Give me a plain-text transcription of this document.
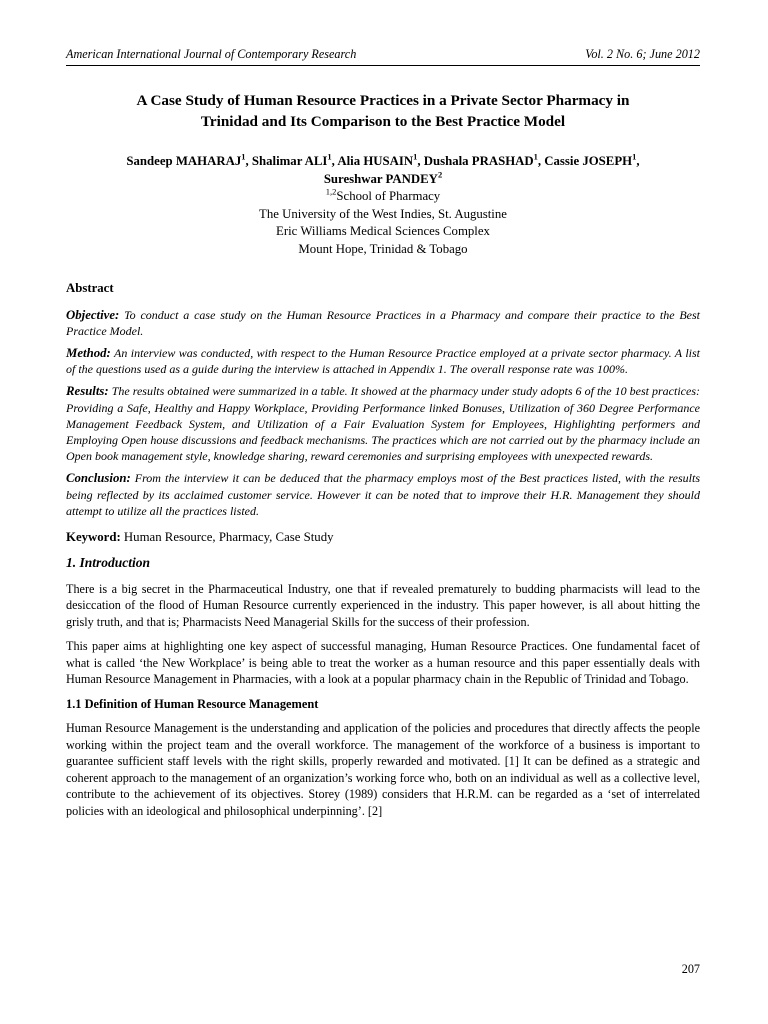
American International Journal of Contemporary Research	Vol. 2 No. 6; June 2012
A Case Study of Human Resource Practices in a Private Sector Pharmacy in
Trinidad and Its Comparison to the Best Practice Model
Sandeep MAHARAJ$^1$, Shalimar ALI$^1$, Alia HUSAIN$^1$, Dushala PRASHAD$^1$, Cassie JOSEPH$^1$,
Sureshwar PANDEY$^2$
$^{1,2}$School of Pharmacy
The University of the West Indies, St. Augustine
Eric Williams Medical Sciences Complex
Mount Hope, Trinidad & Tobago
Abstract

Objective: To conduct a case study on the Human Resource Practices in a Pharmacy and compare their practice to the Best Practice Model.

Method: An interview was conducted, with respect to the Human Resource Practice employed at a private sector pharmacy. A list of the questions used as a guide during the interview is attached in Appendix 1. The overall response rate was 100%.

Results: The results obtained were summarized in a table. It showed at the pharmacy under study adopts 6 of the 10 best practices: Providing a Safe, Healthy and Happy Workplace, Providing Performance linked Bonuses, Utilization of 360 Degree Performance Management Feedback System, and Utilization of a Fair Evaluation System for Employees, Highlighting performers and Employing Open house discussions and feedback mechanisms. The practices which are not carried out by the pharmacy include an Open book management style, knowledge sharing, reward ceremonies and surprising employees with unexpected rewards.

Conclusion: From the interview it can be deduced that the pharmacy employs most of the Best practices listed, with the results being reflected by its acclaimed customer service. However it can be noted that to improve their H.R. Management they should attempt to utilize all the practices listed.

Keyword: Human Resource, Pharmacy, Case Study

1. Introduction

There is a big secret in the Pharmaceutical Industry, one that if revealed prematurely to budding pharmacists will lead to the desiccation of the flood of Human Resource currently experienced in the industry. This paper however, is all about hitting the grisly truth, and that is; Pharmacists Need Managerial Skills for the success of their profession.

This paper aims at highlighting one key aspect of successful managing, Human Resource Practices. One fundamental facet of what is called ‘the New Workplace’ is being able to treat the worker as a human resource and this paper essentially deals with Human Resource Management in Pharmacies, with a look at a popular pharmacy chain in the Republic of Trinidad and Tobago.

1.1 Definition of Human Resource Management

Human Resource Management is the understanding and application of the policies and procedures that directly affects the people working within the project team and the overall workforce. The management of the workforce of a business is important to guarantee sufficient staff levels with the right skills, properly rewarded and motivated. [1] It can be defined as a strategic and coherent approach to the management of an organization’s working force who, both on an individual as well as a collective level, contribute to the achievement of its objectives. Storey (1989) considers that H.R.M. can be regarded as a ‘set of interrelated policies with an ideological and philosophical underpinning’. [2]

207
